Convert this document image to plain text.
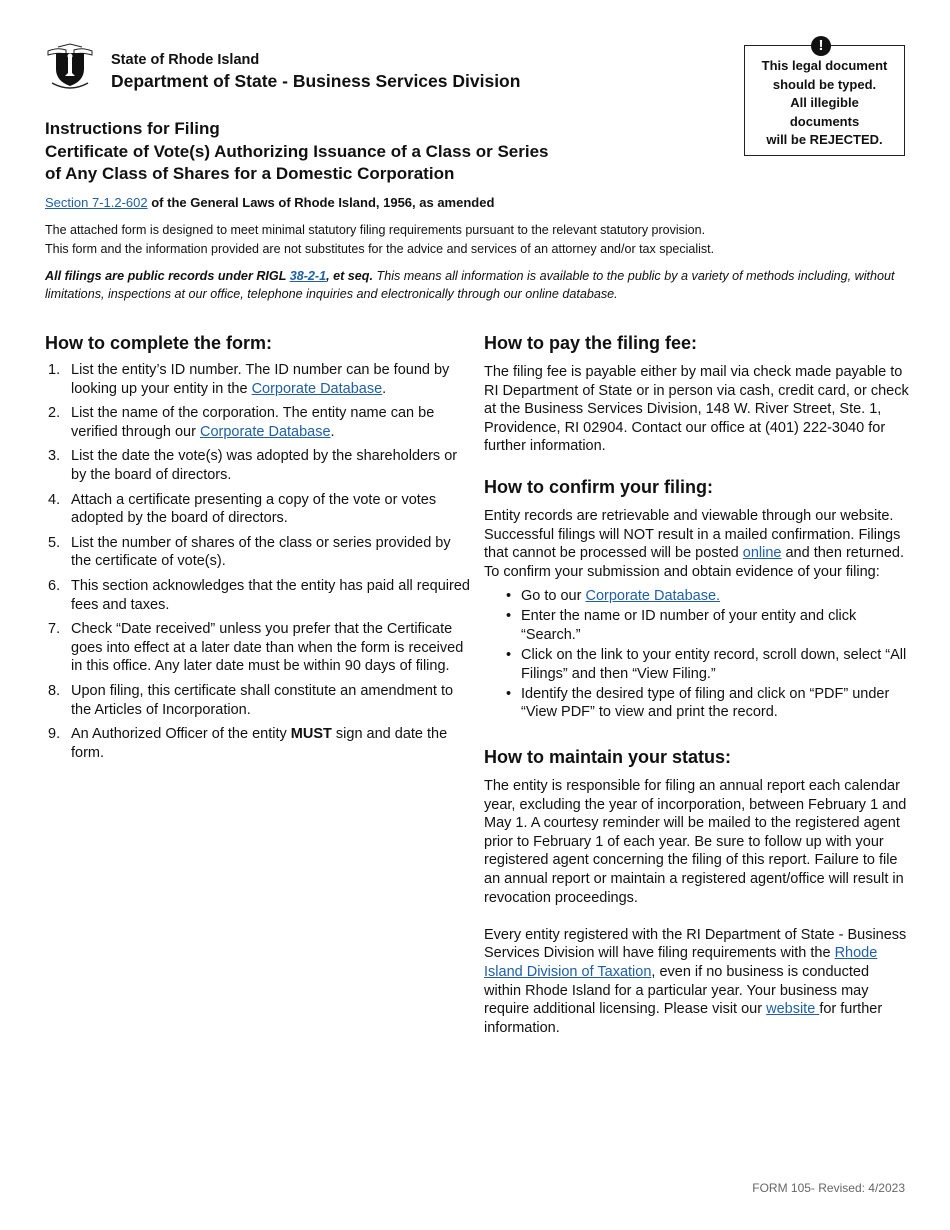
State of Rhode Island
Department of State - Business Services Division
This legal document
should be typed.
All illegible
documents
will be REJECTED.
!
Instructions for Filing
Certificate of Vote(s) Authorizing Issuance of a Class or Series
of Any Class of Shares for a Domestic Corporation
Section 7-1.2-602 of the General Laws of Rhode Island, 1956, as amended
The attached form is designed to meet minimal statutory filing requirements pursuant to the relevant statutory provision.
This form and the information provided are not substitutes for the advice and services of an attorney and/or tax specialist.
All filings are public records under RIGL 38-2-1, et seq. This means all information is available to the public by a variety of methods including, without limitations, inspections at our office, telephone inquiries and electronically through our online database.
How to complete the form:
1. List the entity’s ID number. The ID number can be found by looking up your entity in the Corporate Database.
2. List the name of the corporation. The entity name can be verified through our Corporate Database.
3. List the date the vote(s) was adopted by the shareholders or by the board of directors.
4. Attach a certificate presenting a copy of the vote or votes adopted by the board of directors.
5. List the number of shares of the class or series provided by the certificate of vote(s).
6. This section acknowledges that the entity has paid all required fees and taxes.
7. Check “Date received” unless you prefer that the Certificate goes into effect at a later date than when the form is received in this office. Any later date must be within 90 days of filing.
8. Upon filing, this certificate shall constitute an amendment to the Articles of Incorporation.
9. An Authorized Officer of the entity MUST sign and date the form.
How to pay the filing fee:

The filing fee is payable either by mail via check made payable to RI Department of State or in person via cash, credit card, or check at the Business Services Division, 148 W. River Street, Ste. 1, Providence, RI 02904. Contact our office at (401) 222-3040 for further information.

How to confirm your filing:

Entity records are retrievable and viewable through our website. Successful filings will NOT result in a mailed confirmation. Filings that cannot be processed will be posted online and then returned. To confirm your submission and obtain evidence of your filing:

• Go to our Corporate Database.
• Enter the name or ID number of your entity and click “Search.”
• Click on the link to your entity record, scroll down, select “All Filings” and then “View Filing.”
• Identify the desired type of filing and click on “PDF” under “View PDF” to view and print the record.
How to maintain your status:

The entity is responsible for filing an annual report each calendar year, excluding the year of incorporation, between February 1 and May 1. A courtesy reminder will be mailed to the registered agent prior to February 1 of each year. Be sure to follow up with your registered agent concerning the filing of this report. Failure to file an annual report or maintain a registered agent/office will result in revocation proceedings.

Every entity registered with the RI Department of State - Business Services Division will have filing requirements with the Rhode Island Division of Taxation, even if no business is conducted within Rhode Island for a particular year. Your business may require additional licensing. Please visit our website for further information.

FORM 105- Revised: 4/2023
